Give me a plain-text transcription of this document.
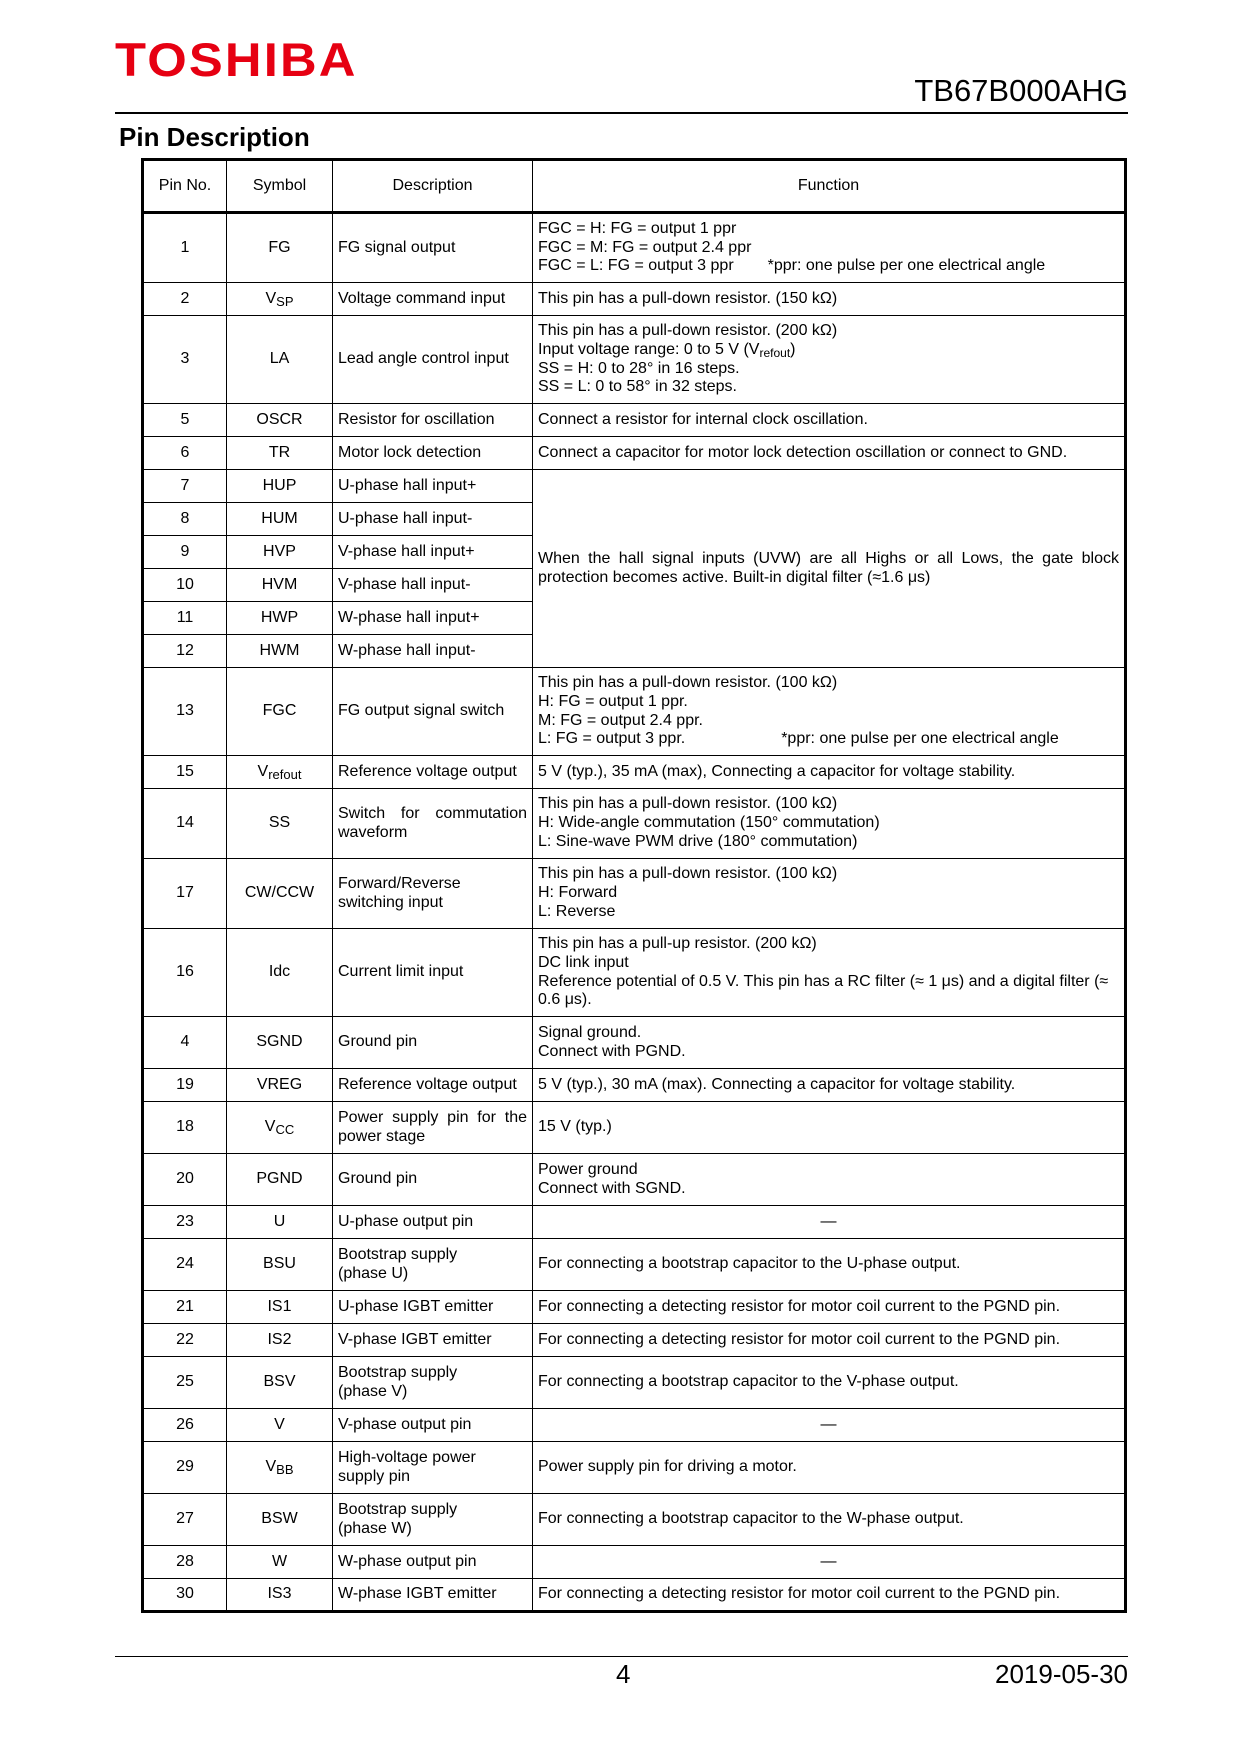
TOSHIBA
TB67B000AHG
Pin Description
Pin No.	Symbol	Description	Function
1	FG	FG signal output	FGC = H: FG = output 1 ppr
FGC = M: FG = output 2.4 ppr
FGC = L: FG = output 3 ppr *ppr: one pulse per one electrical angle

2	$V_{SP}$	Voltage command input	This pin has a pull-down resistor. (150 kΩ)
3	LA	Lead angle control input	This pin has a pull-down resistor. (200 kΩ)
Input voltage range: 0 to 5 V $(V_{refout})$
SS = H: 0 to 28° in 16 steps.
SS = L: 0 to 58° in 32 steps.

5	OSCR	Resistor for oscillation	Connect a resistor for internal clock oscillation.
6	TR	Motor lock detection	Connect a capacitor for motor lock detection oscillation or connect to GND.
7	HUP	U-phase hall input+	When the hall signal inputs (UVW) are all Highs or all Lows, the gate block protection becomes active. Built-in digital filter (≈1.6 μs)
8	HUM	U-phase hall input-	
9	HVP	V-phase hall input+	
10	HVM	V-phase hall input-	
11	HWP	W-phase hall input+	
12	HWM	W-phase hall input-	
13	FGC	FG output signal switch	This pin has a pull-down resistor. (100 kΩ)
H: FG = output 1 ppr.
M: FG = output 2.4 ppr.
L: FG = output 3 ppr. *ppr: one pulse per one electrical angle

15	$V_{refout}$	Reference voltage output	5 V (typ.), 35 mA (max), Connecting a capacitor for voltage stability.
14	SS	Switch for commutation waveform	This pin has a pull-down resistor. (100 kΩ)
H: Wide-angle commutation (150° commutation)
L: Sine-wave PWM drive (180° commutation)

17	CW/CCW	Forward/Reverse
switching input	This pin has a pull-down resistor. (100 kΩ)
H: Forward
L: Reverse

16	Idc	Current limit input	This pin has a pull-up resistor. (200 kΩ)
DC link input
Reference potential of 0.5 V. This pin has a RC filter (≈ 1 μs) and a digital filter (≈ 0.6 μs).

4	SGND	Ground pin	Signal ground.
Connect with PGND.

19	VREG	Reference voltage output	5 V (typ.), 30 mA (max). Connecting a capacitor for voltage stability.
18	$V_{CC}$	Power supply pin for the power stage	15 V (typ.)
20	PGND	Ground pin	Power ground
Connect with SGND.

23	U	U-phase output pin	—
24	BSU	Bootstrap supply
(phase U)	For connecting a bootstrap capacitor to the U-phase output.
21	IS1	U-phase IGBT emitter	For connecting a detecting resistor for motor coil current to the PGND pin.
22	IS2	V-phase IGBT emitter	For connecting a detecting resistor for motor coil current to the PGND pin.
25	BSV	Bootstrap supply
(phase V)	For connecting a bootstrap capacitor to the V-phase output.
26	V	V-phase output pin	—
29	$V_{BB}$	High-voltage power
supply pin	Power supply pin for driving a motor.
27	BSW	Bootstrap supply
(phase W)	For connecting a bootstrap capacitor to the W-phase output.
28	W	W-phase output pin	—
30	IS3	W-phase IGBT emitter	For connecting a detecting resistor for motor coil current to the PGND pin.
4	2019-05-30
